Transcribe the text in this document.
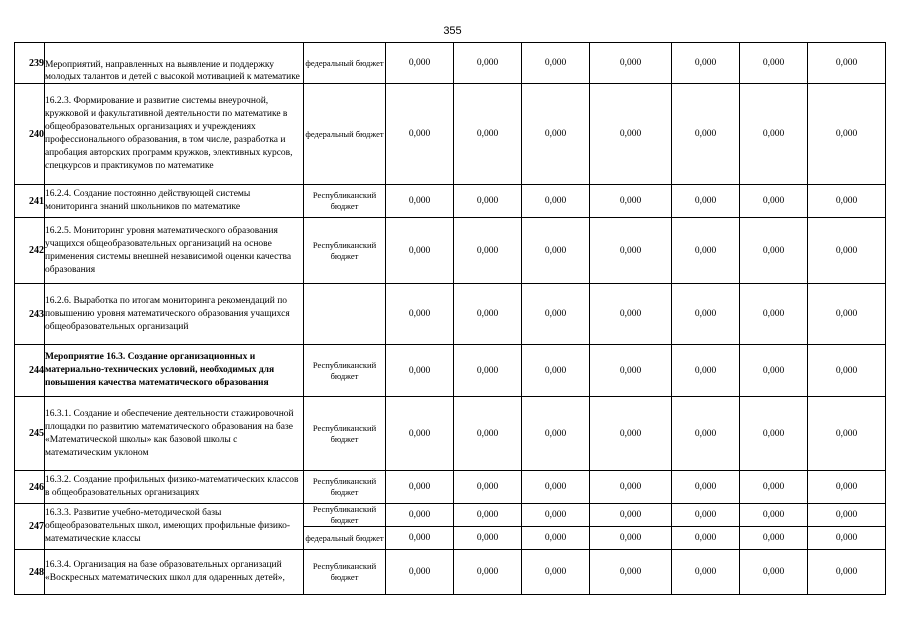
355
239	Мероприятий, направленных на выявление и поддержку молодых талантов и детей с высокой мотивацией к математике	федеральный бюджет	0,000	0,000	0,000	0,000	0,000	0,000	0,000
240	16.2.3. Формирование и развитие системы внеурочной, кружковой и факультативной деятельности по математике в общеобразовательных организациях и учреждениях профессионального образования, в том числе, разработка и апробация авторских программ кружков, элективных курсов, спецкурсов и практикумов по математике	федеральный бюджет	0,000	0,000	0,000	0,000	0,000	0,000	0,000
241	16.2.4. Создание постоянно действующей системы мониторинга знаний школьников по математике	Республиканский бюджет	0,000	0,000	0,000	0,000	0,000	0,000	0,000
242	16.2.5. Мониторинг уровня математического образования учащихся общеобразовательных организаций на основе применения системы внешней независимой оценки качества образования	Республиканский бюджет	0,000	0,000	0,000	0,000	0,000	0,000	0,000
243	16.2.6. Выработка по итогам мониторинга рекомендаций по повышению уровня математического образования учащихся общеобразовательных организаций		0,000	0,000	0,000	0,000	0,000	0,000	0,000
244	Мероприятие 16.3. Создание организационных и материально-технических условий, необходимых для повышения качества математического образования	Республиканский бюджет	0,000	0,000	0,000	0,000	0,000	0,000	0,000
245	16.3.1. Создание и обеспечение деятельности стажировочной площадки по развитию математического образования на базе «Математической школы» как базовой школы с математическим уклоном	Республиканский бюджет	0,000	0,000	0,000	0,000	0,000	0,000	0,000
246	16.3.2. Создание профильных физико-математических классов в общеобразовательных организациях	Республиканский бюджет	0,000	0,000	0,000	0,000	0,000	0,000	0,000
247	16.3.3. Развитие учебно-методической базы общеобразовательных школ, имеющих профильные физико-математические классы	Республиканский бюджет	0,000	0,000	0,000	0,000	0,000	0,000	0,000
		федеральный бюджет	0,000	0,000	0,000	0,000	0,000	0,000	0,000
248	16.3.4. Организация на базе образовательных организаций «Воскресных математических школ для одаренных детей»,	Республиканский бюджет	0,000	0,000	0,000	0,000	0,000	0,000	0,000
